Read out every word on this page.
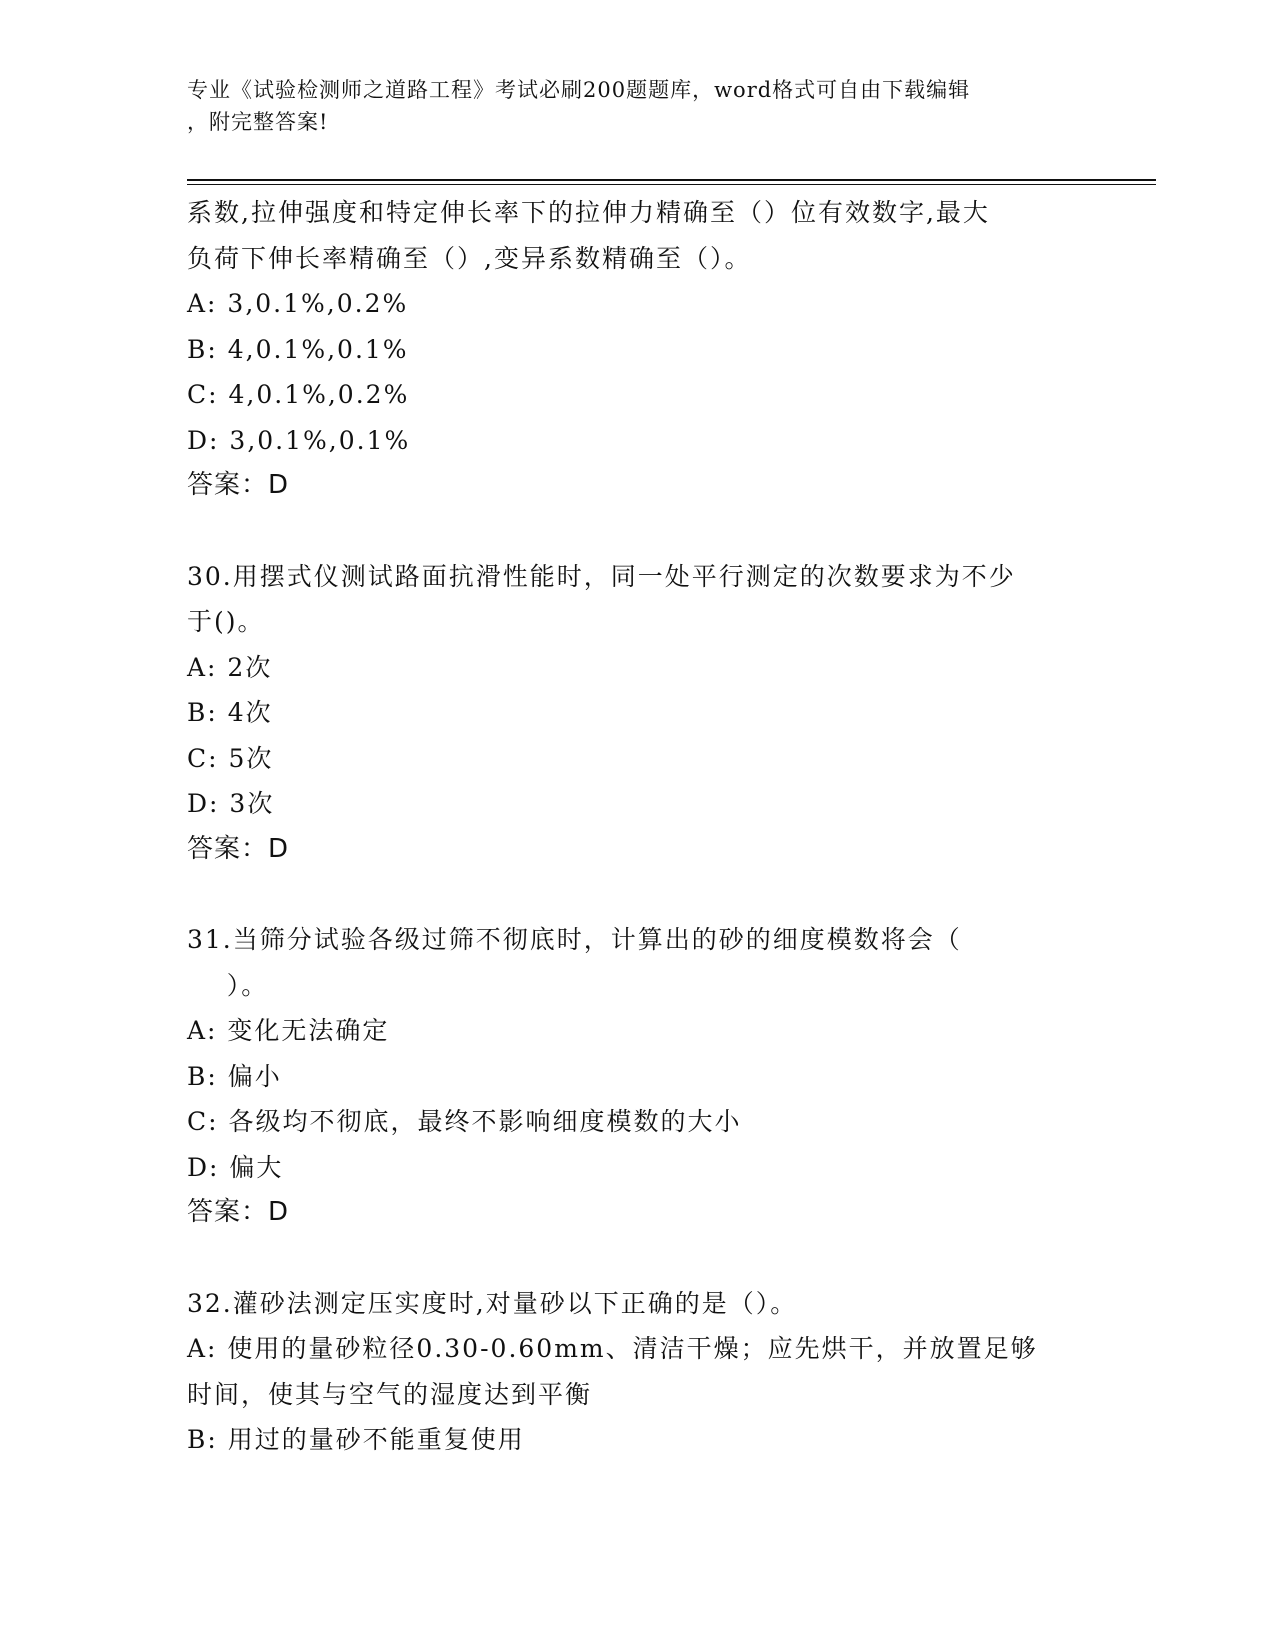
专业《试验检测师之道路工程》考试必刷200题题库，word格式可自由下载编辑
，附完整答案!

系数,拉伸强度和特定伸长率下的拉伸力精确至（）位有效数字,最大

负荷下伸长率精确至（）,变异系数精确至（）。

A: 3,0.1%,0.2%

B: 4,0.1%,0.1%

C: 4,0.1%,0.2%

D: 3,0.1%,0.1%

答案：D

30.用摆式仪测试路面抗滑性能时，同一处平行测定的次数要求为不少

于()。

A: 2次

B: 4次

C: 5次

D: 3次

答案：D

31.当筛分试验各级过筛不彻底时，计算出的砂的细度模数将会（

）。

A: 变化无法确定

B: 偏小

C: 各级均不彻底，最终不影响细度模数的大小

D: 偏大

答案：D

32.灌砂法测定压实度时,对量砂以下正确的是（）。

A: 使用的量砂粒径0.30-0.60mm、清洁干燥；应先烘干，并放置足够

时间，使其与空气的湿度达到平衡

B: 用过的量砂不能重复使用
